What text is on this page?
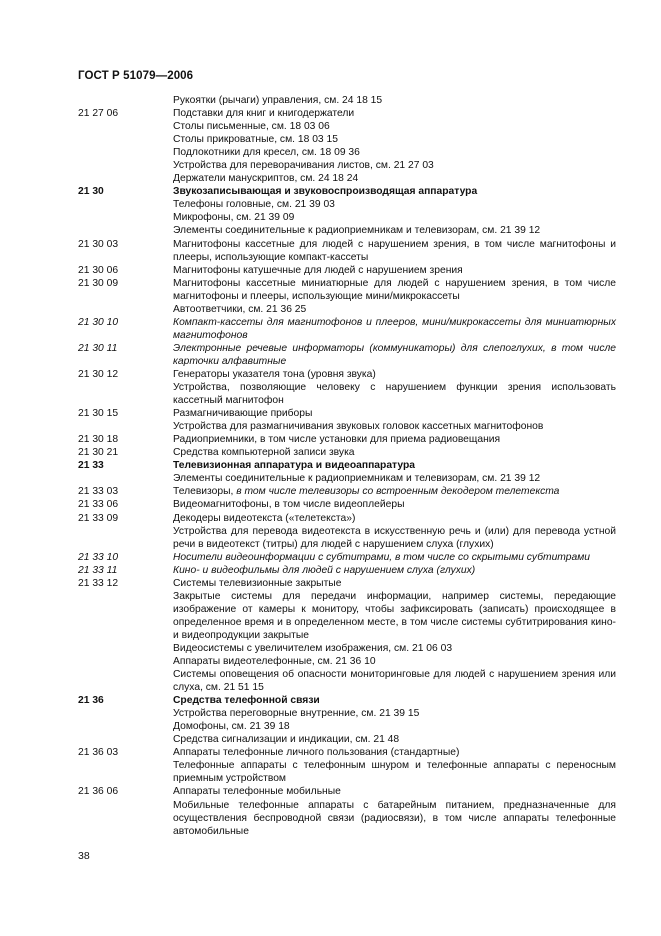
ГОСТ Р 51079—2006
Рукоятки (рычаги) управления, см. 24 18 15
21 27 06	Подставки для книг и книгодержатели
Столы письменные, см. 18 03 06
Столы прикроватные, см. 18 03 15
Подлокотники для кресел, см. 18 09 36
Устройства для переворачивания листов, см. 21 27 03
Держатели манускриптов, см. 24 18 24
21 30	Звукозаписывающая и звуковоспроизводящая аппаратура
Телефоны головные, см. 21 39 03
Микрофоны, см. 21 39 09
Элементы соединительные к радиоприемникам и телевизорам, см. 21 39 12
21 30 03	Магнитофоны кассетные для людей с нарушением зрения, в том числе магнитофоны и плееры, использующие компакт-кассеты
21 30 06	Магнитофоны катушечные для людей с нарушением зрения
21 30 09	Магнитофоны кассетные миниатюрные для людей с нарушением зрения, в том числе магнитофоны и плееры, использующие мини/микрокассеты
Автоответчики, см. 21 36 25
21 30 10	Компакт-кассеты для магнитофонов и плееров, мини/микрокассеты для миниатюрных магнитофонов
21 30 11	Электронные речевые информаторы (коммуникаторы) для слепоглухих, в том числе карточки алфавитные
21 30 12	Генераторы указателя тона (уровня звука)
Устройства, позволяющие человеку с нарушением функции зрения использовать кассетный магнитофон
21 30 15	Размагничивающие приборы
Устройства для размагничивания звуковых головок кассетных магнитофонов
21 30 18	Радиоприемники, в том числе установки для приема радиовещания
21 30 21	Средства компьютерной записи звука
21 33	Телевизионная аппаратура и видеоаппаратура
Элементы соединительные к радиоприемникам и телевизорам, см. 21 39 12
21 33 03	Телевизоры, в том числе телевизоры со встроенным декодером телетекста
21 33 06	Видеомагнитофоны, в том числе видеоплейеры
21 33 09	Декодеры видеотекста («телетекста»)
Устройства для перевода видеотекста в искусственную речь и (или) для перевода устной речи в видеотекст (титры) для людей с нарушением слуха (глухих)
21 33 10	Носители видеоинформации с субтитрами, в том числе со скрытыми субтитрами
21 33 11	Кино- и видеофильмы для людей с нарушением слуха (глухих)
21 33 12	Системы телевизионные закрытые
Закрытые системы для передачи информации, например системы, передающие изображение от камеры к монитору, чтобы зафиксировать (записать) происходящее в определенное время и в определенном месте, в том числе системы субтитрирования кино- и видеопродукции закрытые
Видеосистемы с увеличителем изображения, см. 21 06 03
Аппараты видеотелефонные, см. 21 36 10
Системы оповещения об опасности мониторинговые для людей с нарушением зрения или слуха, см. 21 51 15
21 36	Средства телефонной связи
Устройства переговорные внутренние, см. 21 39 15
Домофоны, см. 21 39 18
Средства сигнализации и индикации, см. 21 48
21 36 03	Аппараты телефонные личного пользования (стандартные)
Телефонные аппараты с телефонным шнуром и телефонные аппараты с переносным приемным устройством
21 36 06	Аппараты телефонные мобильные
Мобильные телефонные аппараты с батарейным питанием, предназначенные для осуществления беспроводной связи (радиосвязи), в том числе аппараты телефонные автомобильные
38
